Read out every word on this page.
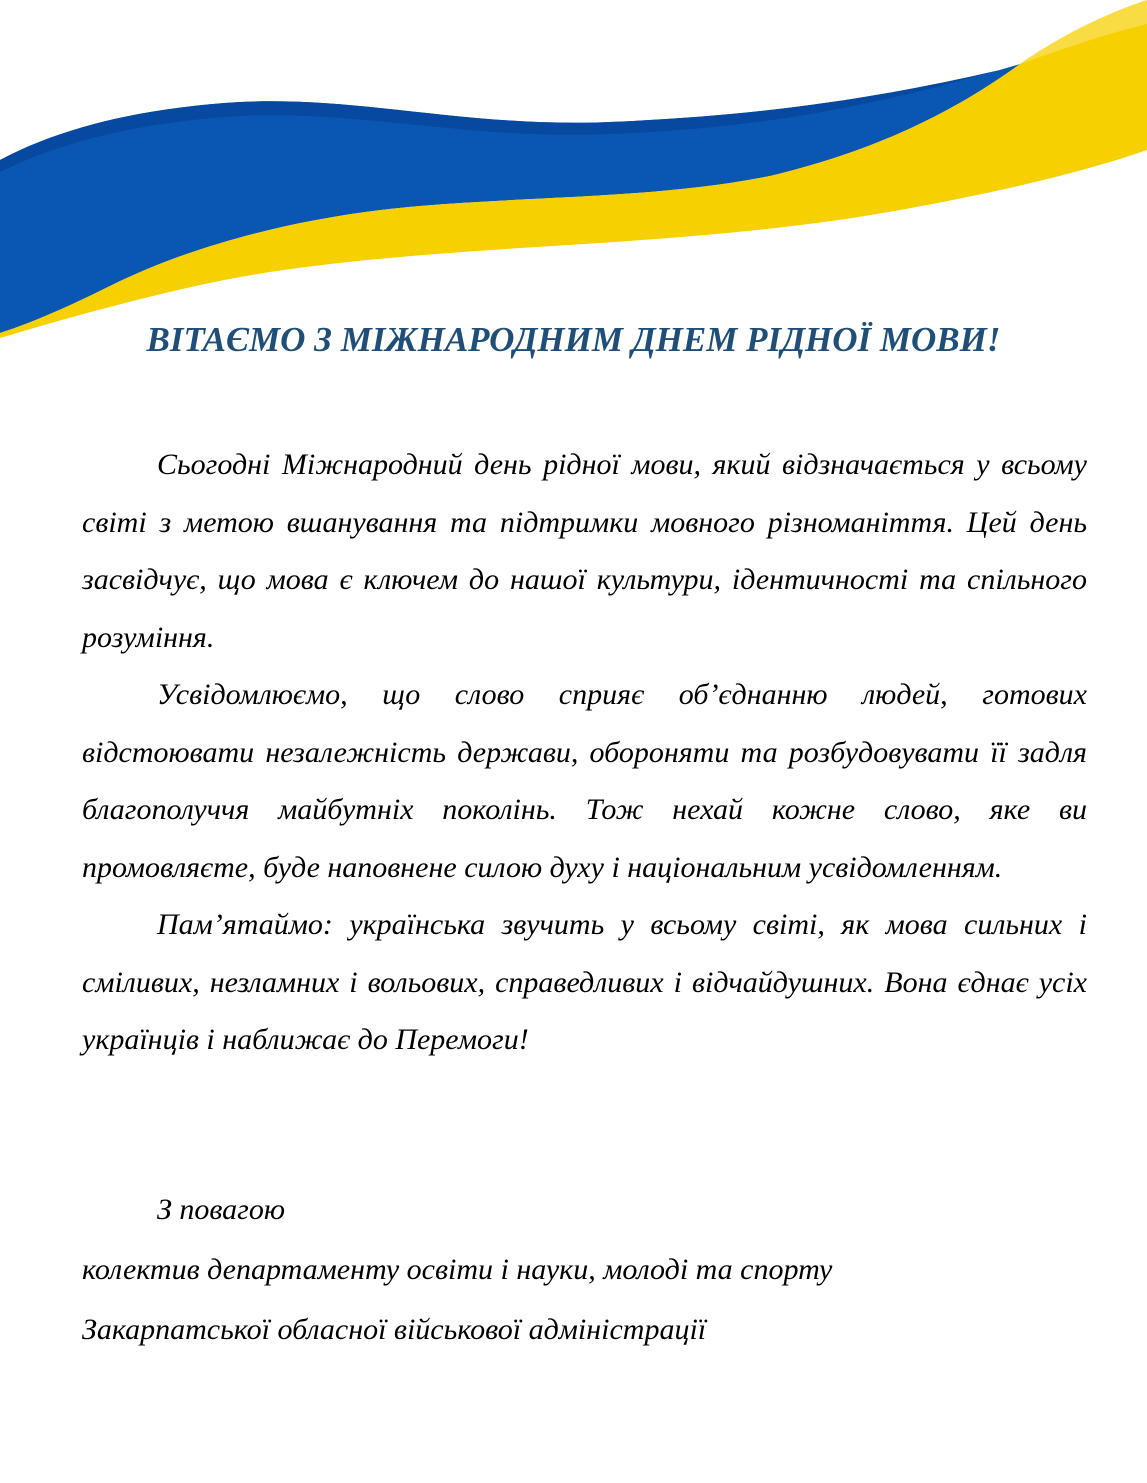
ВІТАЄМО З МІЖНАРОДНИМ ДНЕМ РІДНОЇ МОВИ!

Сьогодні Міжнародний день рідної мови, який відзначається у всьому світі з метою вшанування та підтримки мовного різноманіття. Цей день засвідчує, що мова є ключем до нашої культури, ідентичності та спільного розуміння.

Усвідомлюємо, що слово сприяє об’єднанню людей, готових відстоювати незалежність держави, обороняти та розбудовувати її задля благополуччя майбутніх поколінь. Тож нехай кожне слово, яке ви промовляєте, буде наповнене силою духу і національним усвідомленням.

Пам’ятаймо: українська звучить у всьому світі, як мова сильних і сміливих, незламних і вольових, справедливих і відчайдушних. Вона єднає усіх українців і наближає до Перемоги!

З повагою
колектив департаменту освіти і науки, молоді та спорту
Закарпатської обласної військової адміністрації
